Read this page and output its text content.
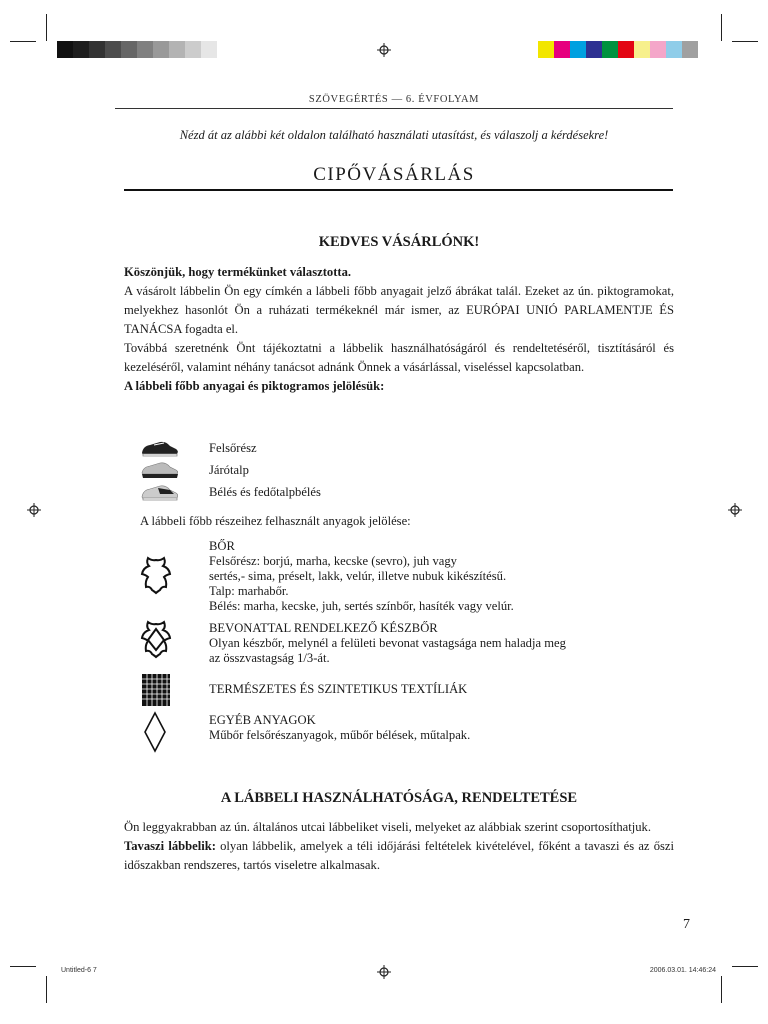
SZÖVEGÉRTÉS — 6. ÉVFOLYAM
Nézd át az alábbi két oldalon található használati utasítást, és válaszolj a kérdésekre!
CIPŐVÁSÁRLÁS
KEDVES VÁSÁRLÓNK!

Köszönjük, hogy termékünket választotta.

A vásárolt lábbelin Ön egy címkén a lábbeli főbb anyagait jelző ábrákat talál. Ezeket az ún. piktogramokat, melyekhez hasonlót Ön a ruházati termékeknél már ismer, az EURÓPAI UNIÓ PARLAMENTJE ÉS TANÁCSA fogadta el.

Továbbá szeretnénk Önt tájékoztatni a lábbelik használhatóságáról és rendeltetéséről, tisztításáról és kezeléséről, valamint néhány tanácsot adnánk Önnek a vásárlással, viseléssel kapcsolatban.

A lábbeli főbb anyagai és piktogramos jelölésük:

Felsőrész
Járótalp
Bélés és fedőtalpbélés
A lábbeli főbb részeihez felhasznált anyagok jelölése:
BŐR
Felsőrész: borjú, marha, kecske (sevro), juh vagy
sertés,- sima, préselt, lakk, velúr, illetve nubuk kikészítésű.
Talp: marhabőr.
Bélés: marha, kecske, juh, sertés színbőr, hasíték vagy velúr.
BEVONATTAL RENDELKEZŐ KÉSZBŐR
Olyan készbőr, melynél a felületi bevonat vastagsága nem haladja meg
az összvastagság 1/3-át.
TERMÉSZETES ÉS SZINTETIKUS TEXTÍLIÁK
EGYÉB ANYAGOK
Műbőr felsőrészanyagok, műbőr bélések, műtalpak.
A LÁBBELI HASZNÁLHATÓSÁGA, RENDELTETÉSE

Ön leggyakrabban az ún. általános utcai lábbeliket viseli, melyeket az alábbiak szerint csoportosíthatjuk.

Tavaszi lábbelik: olyan lábbelik, amelyek a téli időjárási feltételek kivételével, főként a tavaszi és az őszi időszakban rendszeres, tartós viseletre alkalmasak.

7
Untitled-6 7	2006.03.01. 14:46:24
